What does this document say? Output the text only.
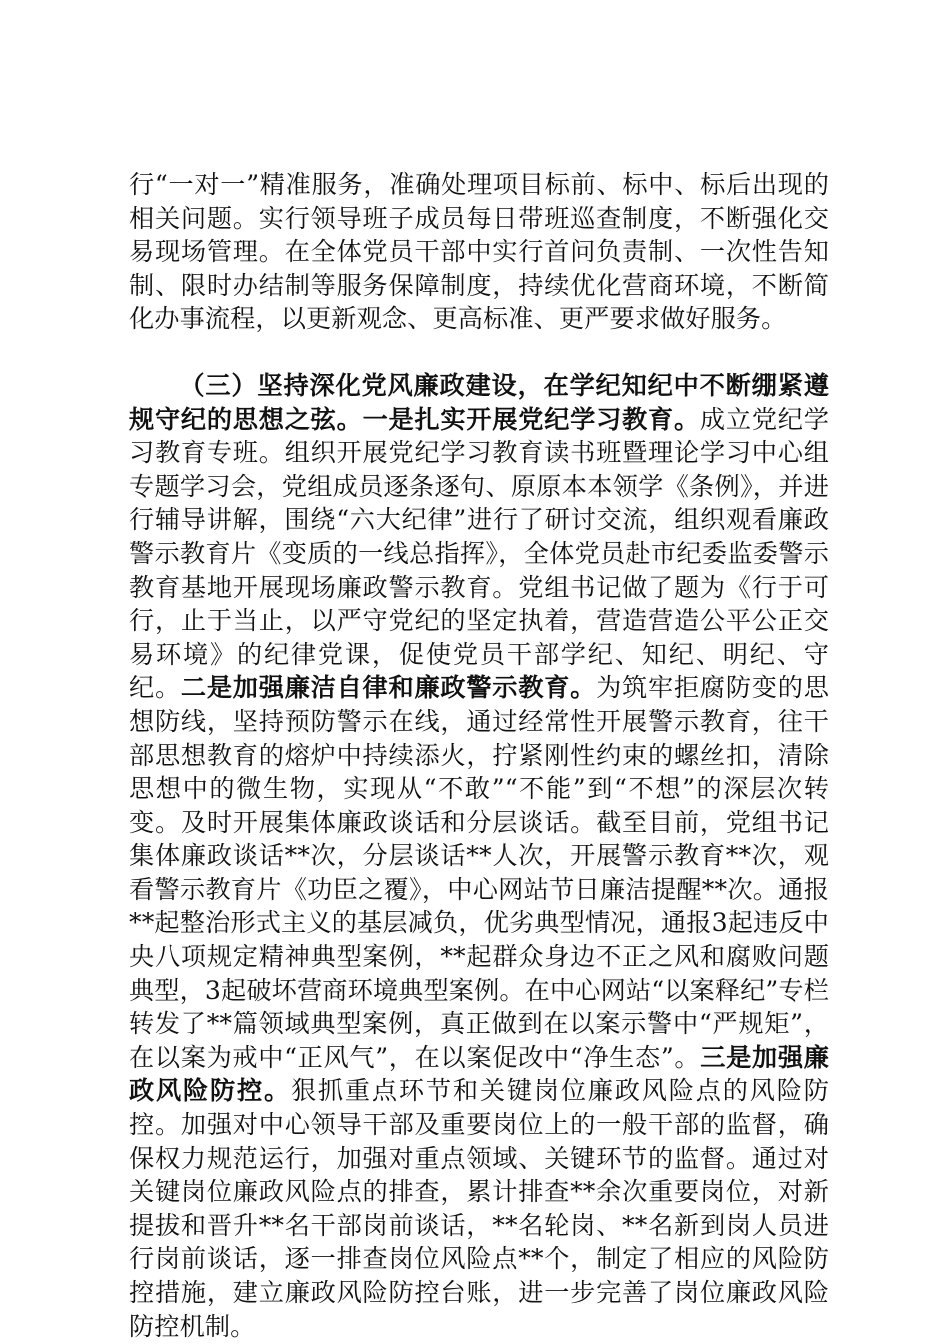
行“一对一”精准服务，准确处理项目标前、标中、标后出现的相关问题。实行领导班子成员每日带班巡查制度，不断强化交易现场管理。在全体党员干部中实行首问负责制、一次性告知制、限时办结制等服务保障制度，持续优化营商环境，不断简化办事流程，以更新观念、更高标准、更严要求做好服务。

（三）坚持深化党风廉政建设，在学纪知纪中不断绷紧遵规守纪的思想之弦。一是扎实开展党纪学习教育。成立党纪学习教育专班。组织开展党纪学习教育读书班暨理论学习中心组专题学习会，党组成员逐条逐句、原原本本领学《条例》，并进行辅导讲解，围绕“六大纪律”进行了研讨交流，组织观看廉政警示教育片《变质的一线总指挥》，全体党员赴市纪委监委警示教育基地开展现场廉政警示教育。党组书记做了题为《行于可行，止于当止，以严守党纪的坚定执着，营造营造公平公正交易环境》的纪律党课，促使党员干部学纪、知纪、明纪、守纪。二是加强廉洁自律和廉政警示教育。为筑牢拒腐防变的思想防线，坚持预防警示在线，通过经常性开展警示教育，往干部思想教育的熔炉中持续添火，拧紧刚性约束的螺丝扣，清除思想中的微生物，实现从“不敢”“不能”到“不想”的深层次转变。及时开展集体廉政谈话和分层谈话。截至目前，党组书记集体廉政谈话**次，分层谈话**人次，开展警示教育**次，观看警示教育片《功臣之覆》，中心网站节日廉洁提醒**次。通报**起整治形式主义的基层减负，优劣典型情况，通报3起违反中央八项规定精神典型案例，**起群众身边不正之风和腐败问题典型，3起破坏营商环境典型案例。在中心网站“以案释纪”专栏转发了**篇领域典型案例，真正做到在以案示警中“严规矩”，在以案为戒中“正风气”，在以案促改中“净生态”。三是加强廉政风险防控。狠抓重点环节和关键岗位廉政风险点的风险防控。加强对中心领导干部及重要岗位上的一般干部的监督，确保权力规范运行，加强对重点领域、关键环节的监督。通过对关键岗位廉政风险点的排查，累计排查**余次重要岗位，对新提拔和晋升**名干部岗前谈话，**名轮岗、**名新到岗人员进行岗前谈话，逐一排查岗位风险点**个，制定了相应的风险防控措施，建立廉政风险防控台账，进一步完善了岗位廉政风险防控机制。
